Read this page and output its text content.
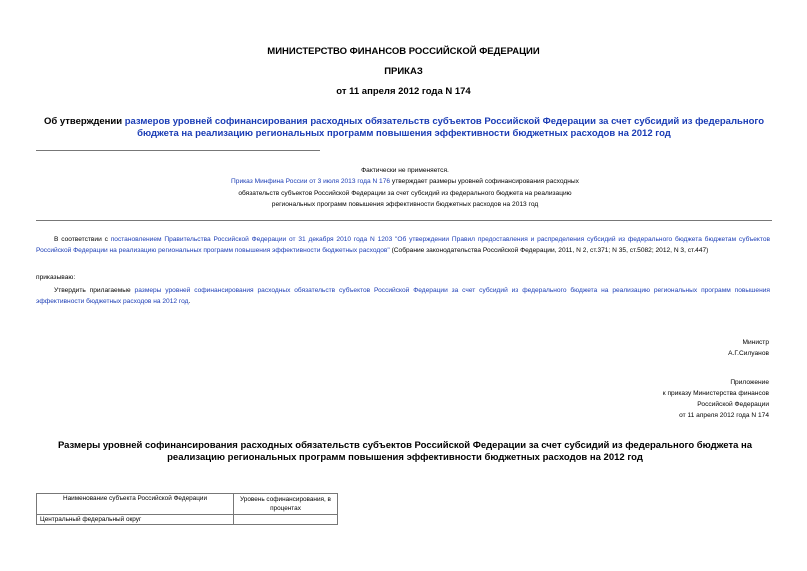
МИНИСТЕРСТВО ФИНАНСОВ РОССИЙСКОЙ ФЕДЕРАЦИИ
ПРИКАЗ
от 11 апреля 2012 года N 174
Об утверждении размеров уровней софинансирования расходных обязательств субъектов Российской Федерации за счет субсидий из федерального бюджета на реализацию региональных программ повышения эффективности бюджетных расходов на 2012 год
Фактически не применяется.
Приказ Минфина России от 3 июля 2013 года N 176 утверждает размеры уровней софинансирования расходных обязательств субъектов Российской Федерации за счет субсидий из федерального бюджета на реализацию региональных программ повышения эффективности бюджетных расходов на 2013 год
В соответствии с постановлением Правительства Российской Федерации от 31 декабря 2010 года N 1203 "Об утверждении Правил предоставления и распределения субсидий из федерального бюджета бюджетам субъектов Российской Федерации на реализацию региональных программ повышения эффективности бюджетных расходов" (Собрание законодательства Российской Федерации, 2011, N 2, ст.371; N 35, ст.5082; 2012, N 3, ст.447)
приказываю:
Утвердить прилагаемые размеры уровней софинансирования расходных обязательств субъектов Российской Федерации за счет субсидий из федерального бюджета на реализацию региональных программ повышения эффективности бюджетных расходов на 2012 год.
Министр
А.Г.Силуанов
Приложение
к приказу Министерства финансов
Российской Федерации
от 11 апреля 2012 года N 174
Размеры уровней софинансирования расходных обязательств субъектов Российской Федерации за счет субсидий из федерального бюджета на реализацию региональных программ повышения эффективности бюджетных расходов на 2012 год
Наименование субъекта Российской Федерации	Уровень софинансирования, в процентах
Центральный федеральный округ	
